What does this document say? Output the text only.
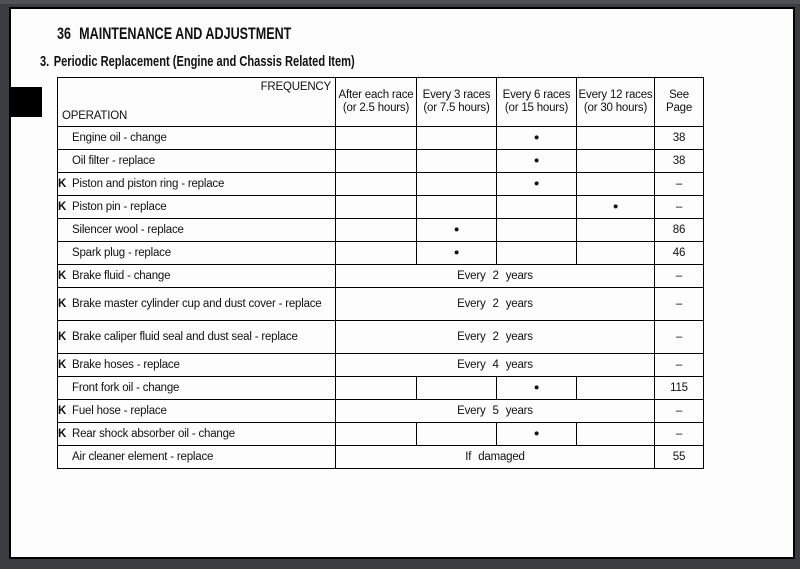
36 MAINTENANCE AND ADJUSTMENT
3. Periodic Replacement (Engine and Chassis Related Item)
FREQUENCY
OPERATION	After each race (or 2.5 hours)	Every 3 races (or 7.5 hours)	Every 6 races (or 15 hours)	Every 12 races (or 30 hours)	See Page

Engine oil - change			●		38

Oil filter - replace			●		38

K Piston and piston ring - replace			●		–

K Piston pin - replace				●	–

Silencer wool - replace		●			86

Spark plug - replace		●			46

K Brake fluid - change	Every 2 years				–

K Brake master cylinder cup and dust cover - replace	Every 2 years				–

K Brake caliper fluid seal and dust seal - replace	Every 2 years				–

K Brake hoses - replace	Every 4 years				–

Front fork oil - change			●		115

K Fuel hose - replace	Every 5 years				–

K Rear shock absorber oil - change			●		–

Air cleaner element - replace	If damaged				55
